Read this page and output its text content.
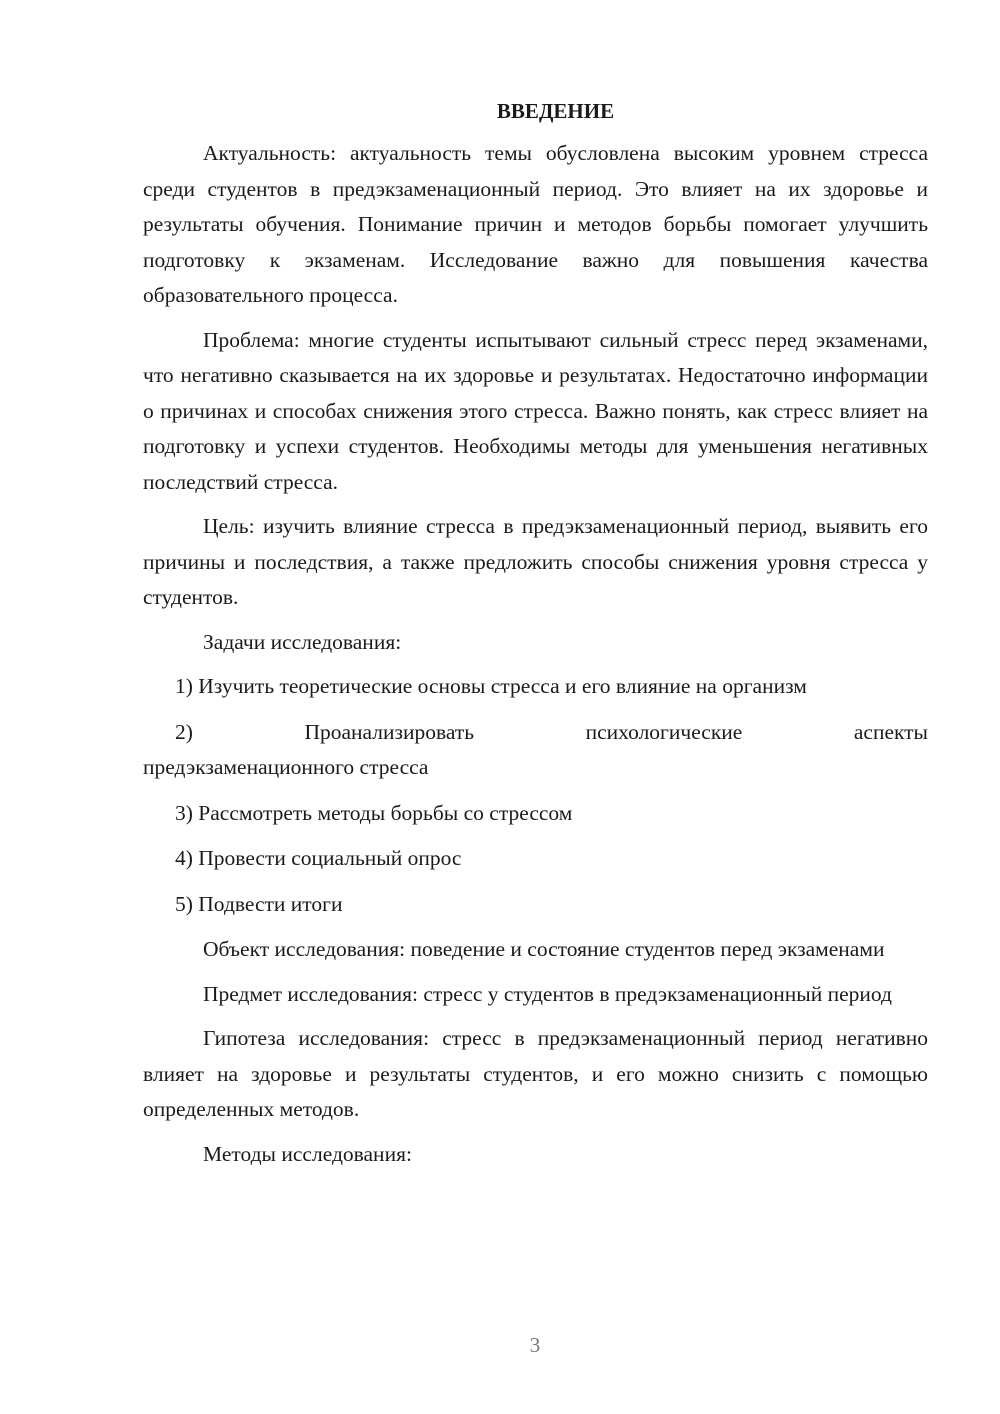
ВВЕДЕНИЕ

Актуальность: актуальность темы обусловлена высоким уровнем стресса среди студентов в предэкзаменационный период. Это влияет на их здоровье и результаты обучения. Понимание причин и методов борьбы помогает улучшить подготовку к экзаменам. Исследование важно для повышения качества образовательного процесса.

Проблема: многие студенты испытывают сильный стресс перед экзаменами, что негативно сказывается на их здоровье и результатах. Недостаточно информации о причинах и способах снижения этого стресса. Важно понять, как стресс влияет на подготовку и успехи студентов. Необходимы методы для уменьшения негативных последствий стресса.

Цель: изучить влияние стресса в предэкзаменационный период, выявить его причины и последствия, а также предложить способы снижения уровня стресса у студентов.

Задачи исследования:

1) Изучить теоретические основы стресса и его влияние на организм
2)	Проанализировать	психологические	аспекты
предэкзаменационного стресса
3) Рассмотреть методы борьбы со стрессом
4) Провести социальный опрос
5) Подвести итоги

Объект исследования: поведение и состояние студентов перед экзаменами

Предмет исследования: стресс у студентов в предэкзаменационный период

Гипотеза исследования: стресс в предэкзаменационный период негативно влияет на здоровье и результаты студентов, и его можно снизить с помощью определенных методов.

Методы исследования:

3
